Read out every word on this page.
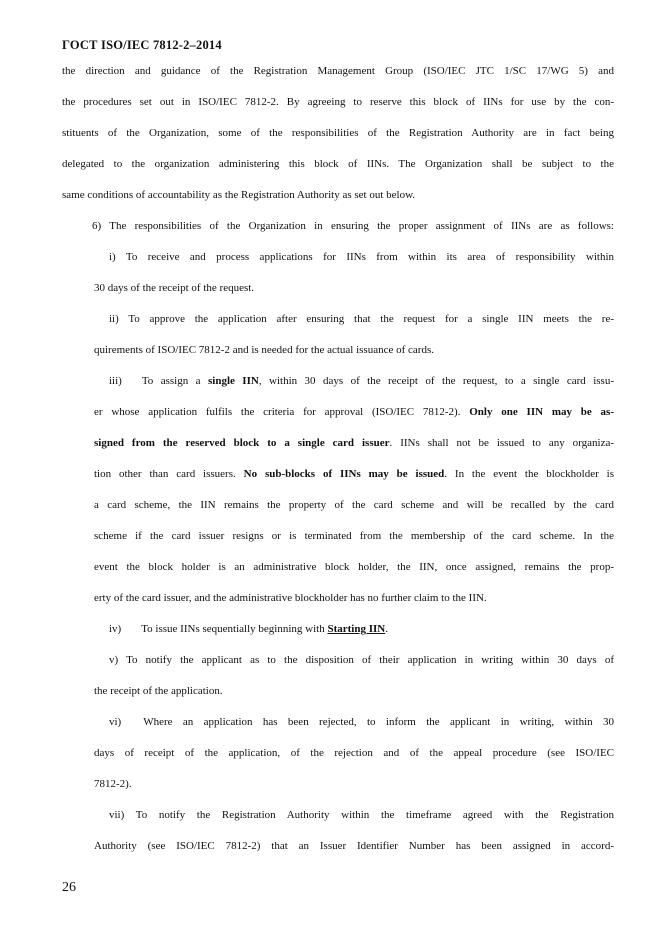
ГОСТ ISO/IEC 7812-2–2014
the direction and guidance of the Registration Management Group (ISO/IEC JTC 1/SC 17/WG 5) and
the procedures set out in ISO/IEC 7812-2. By agreeing to reserve this block of IINs for use by the con-
stituents of the Organization, some of the responsibilities of the Registration Authority are in fact being
delegated to the organization administering this block of IINs. The Organization shall be subject to the
same conditions of accountability as the Registration Authority as set out below.
6) The responsibilities of the Organization in ensuring the proper assignment of IINs are as follows:
i) To receive and process applications for IINs from within its area of responsibility within
30 days of the receipt of the request.
ii) To approve the application after ensuring that the request for a single IIN meets the re-
quirements of ISO/IEC 7812-2 and is needed for the actual issuance of cards.
iii) To assign a single IIN, within 30 days of the receipt of the request, to a single card issu-
er whose application fulfils the criteria for approval (ISO/IEC 7812-2). Only one IIN may be as-
signed from the reserved block to a single card issuer. IINs shall not be issued to any organiza-
tion other than card issuers. No sub-blocks of IINs may be issued. In the event the blockholder is
a card scheme, the IIN remains the property of the card scheme and will be recalled by the card
scheme if the card issuer resigns or is terminated from the membership of the card scheme. In the
event the block holder is an administrative block holder, the IIN, once assigned, remains the prop-
erty of the card issuer, and the administrative blockholder has no further claim to the IIN.
iv) To issue IINs sequentially beginning with Starting IIN.
v) To notify the applicant as to the disposition of their application in writing within 30 days of
the receipt of the application.
vi) Where an application has been rejected, to inform the applicant in writing, within 30
days of receipt of the application, of the rejection and of the appeal procedure (see ISO/IEC
7812-2).
vii) To notify the Registration Authority within the timeframe agreed with the Registration
Authority (see ISO/IEC 7812-2) that an Issuer Identifier Number has been assigned in accord-
26
